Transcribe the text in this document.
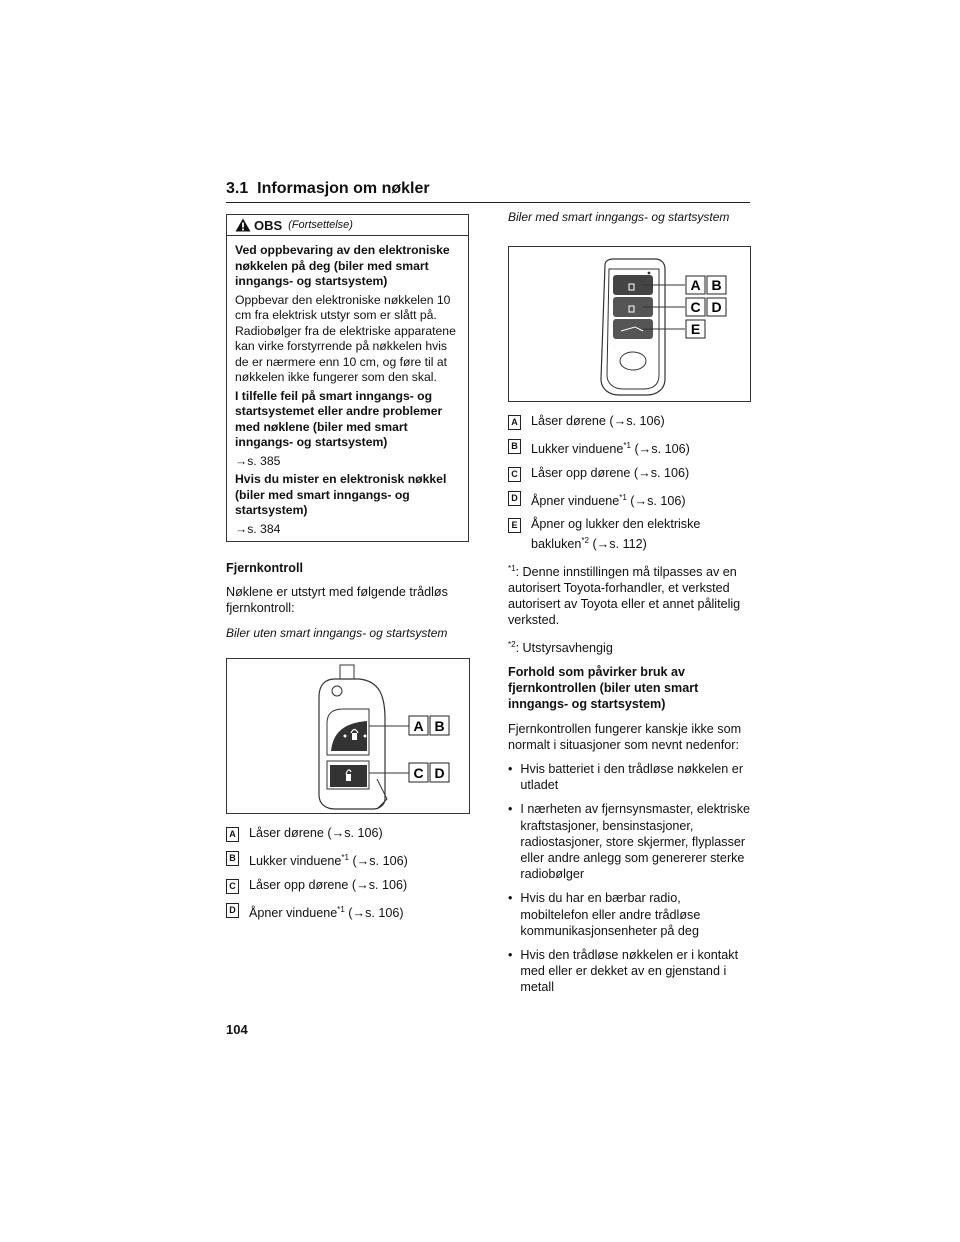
3.1 Informasjon om nøkler
OBS (Fortsettelse)
Ved oppbevaring av den elektroniske nøkkelen på deg (biler med smart inngangs- og startsystem)

Oppbevar den elektroniske nøkkelen 10 cm fra elektrisk utstyr som er slått på. Radiobølger fra de elektriske apparatene kan virke forstyrrende på nøkkelen hvis de er nærmere enn 10 cm, og føre til at nøkkelen ikke fungerer som den skal.

I tilfelle feil på smart inngangs- og startsystemet eller andre problemer med nøklene (biler med smart inngangs- og startsystem)

→s. 385

Hvis du mister en elektronisk nøkkel (biler med smart inngangs- og startsystem)

→s. 384

Fjernkontroll

Nøklene er utstyrt med følgende trådløs fjernkontroll:

Biler uten smart inngangs- og startsystem

A B
C D
A Låser dørene (→s. 106)
B Lukker vinduene$^{*1}$ (→s. 106)
C Låser opp dørene (→s. 106)
D Åpner vinduene$^{*1}$ (→s. 106)
Biler med smart inngangs- og startsystem
A B
C D
E
A Låser dørene (→s. 106)
B Lukker vinduene$^{*1}$ (→s. 106)
C Låser opp dørene (→s. 106)
D Åpner vinduene$^{*1}$ (→s. 106)
E Åpner og lukker den elektriske bakluken$^{*2}$ (→s. 112)

$^{*1}$: Denne innstillingen må tilpasses av en autorisert Toyota-forhandler, et verksted autorisert av Toyota eller et annet pålitelig verksted.

$^{*2}$: Utstyrsavhengig

Forhold som påvirker bruk av fjernkontrollen (biler uten smart inngangs- og startsystem)

Fjernkontrollen fungerer kanskje ikke som normalt i situasjoner som nevnt nedenfor:

• Hvis batteriet i den trådløse nøkkelen er utladet
• I nærheten av fjernsynsmaster, elektriske kraftstasjoner, bensinstasjoner, radiostasjoner, store skjermer, flyplasser eller andre anlegg som genererer sterke radiobølger
• Hvis du har en bærbar radio, mobiltelefon eller andre trådløse kommunikasjonsenheter på deg
• Hvis den trådløse nøkkelen er i kontakt med eller er dekket av en gjenstand i metall
104
